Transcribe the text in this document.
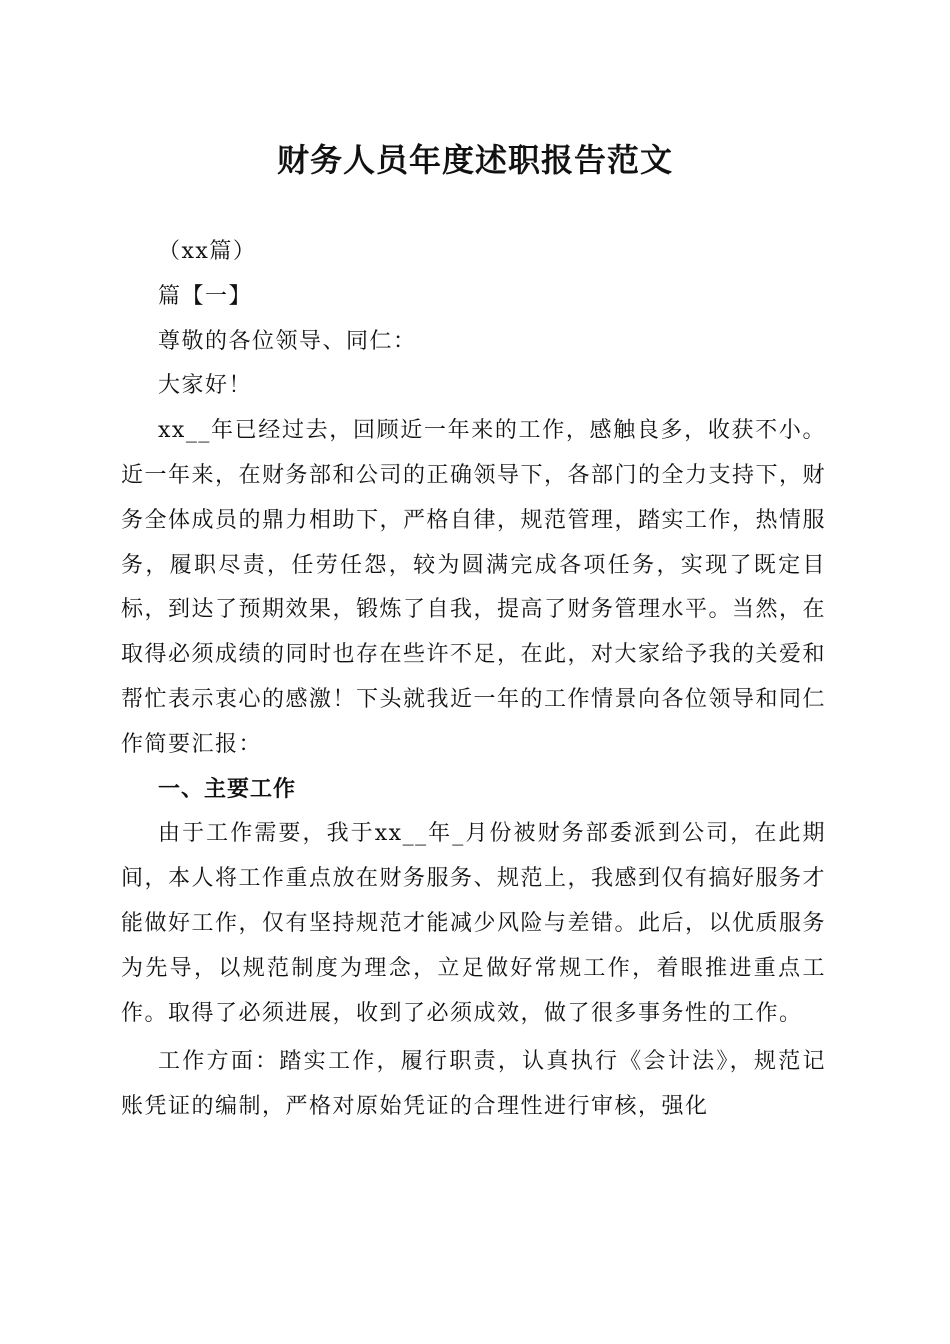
财务人员年度述职报告范文

（xx篇）

篇【一】

尊敬的各位领导、同仁：

大家好！

xx__年已经过去，回顾近一年来的工作，感触良多，收获不小。近一年来，在财务部和公司的正确领导下，各部门的全力支持下，财务全体成员的鼎力相助下，严格自律，规范管理，踏实工作，热情服务，履职尽责，任劳任怨，较为圆满完成各项任务，实现了既定目标，到达了预期效果，锻炼了自我，提高了财务管理水平。当然，在取得必须成绩的同时也存在些许不足，在此，对大家给予我的关爱和帮忙表示衷心的感激！下头就我近一年的工作情景向各位领导和同仁作简要汇报：

一、主要工作

由于工作需要，我于xx__年_月份被财务部委派到公司，在此期间，本人将工作重点放在财务服务、规范上，我感到仅有搞好服务才能做好工作，仅有坚持规范才能减少风险与差错。此后，以优质服务为先导，以规范制度为理念，立足做好常规工作，着眼推进重点工作。取得了必须进展，收到了必须成效，做了很多事务性的工作。

工作方面：踏实工作，履行职责，认真执行《会计法》，规范记账凭证的编制，严格对原始凭证的合理性进行审核，强化
